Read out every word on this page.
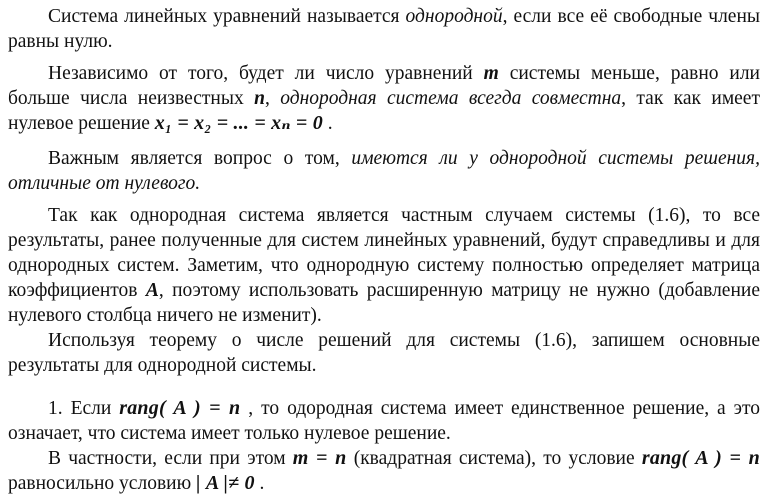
Система линейных уравнений называется однородной, если все её свободные члены равны нулю.

Независимо от того, будет ли число уравнений m системы меньше, равно или больше числа неизвестных n, однородная система всегда совместна, так как имеет нулевое решение x₁ = x₂ = ... = xₙ = 0 .

Важным является вопрос о том, имеются ли у однородной системы решения, отличные от нулевого.

Так как однородная система является частным случаем системы (1.6), то все результаты, ранее полученные для систем линейных уравнений, будут справедливы и для однородных систем. Заметим, что однородную систему полностью определяет матрица коэффициентов A, поэтому использовать расширенную матрицу не нужно (добавление нулевого столбца ничего не изменит).

Используя теорему о числе решений для системы (1.6), запишем основные результаты для однородной системы.

1. Если rang( A ) = n , то одородная система имеет единственное решение, а это означает, что система имеет только нулевое решение.

В частности, если при этом m = n (квадратная система), то условие rang( A ) = n равносильно условию | A |≠ 0 .
